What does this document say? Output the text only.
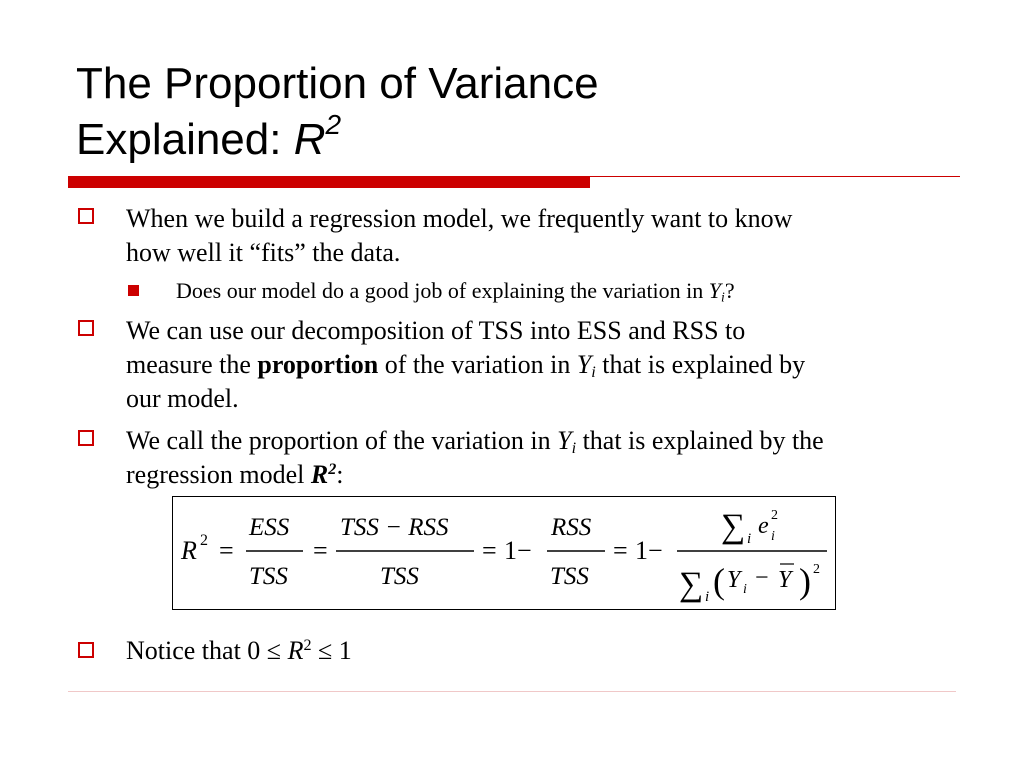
The Proportion of Variance
Explained: $R^2$
When we build a regression model, we frequently want to know
how well it “fits” the data.
Does our model do a good job of explaining the variation in $Y_i$?
We can use our decomposition of TSS into ESS and RSS to
measure the proportion of the variation in $Y_i$ that is explained by
our model.
We call the proportion of the variation in $Y_i$ that is explained by the
regression model $R^2$:
R 2 =
ESS
TSS
=
TSS − RSS
TSS
= 1−
RSS
TSS
= 1−
∑ i e 2
i
∑ i ( Y i − Y ) 2
Notice that $0 \le R^2 \le 1$
